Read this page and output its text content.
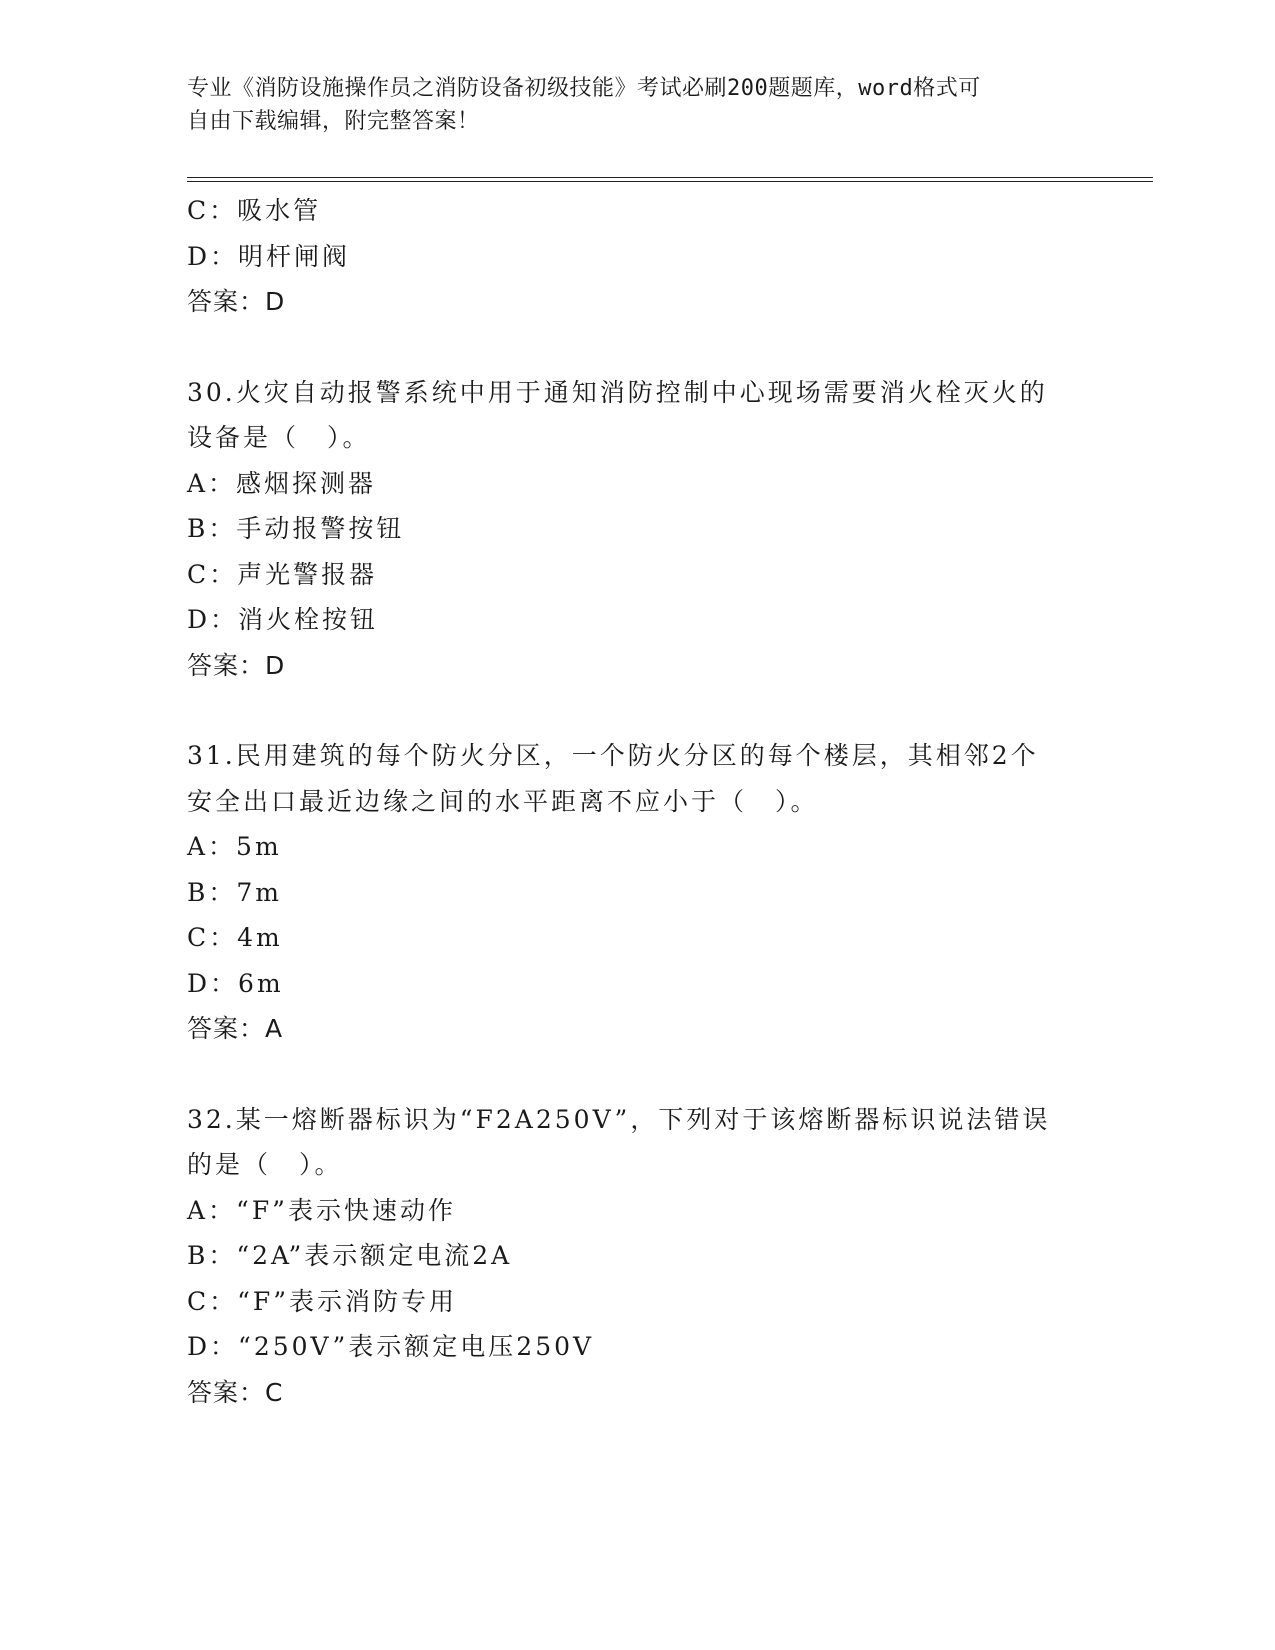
专业《消防设施操作员之消防设备初级技能》考试必刷200题题库，word格式可
自由下载编辑，附完整答案！
C：吸水管
D：明杆闸阀
答案：D
30.火灾自动报警系统中用于通知消防控制中心现场需要消火栓灭火的
设备是（　）。
A：感烟探测器
B：手动报警按钮
C：声光警报器
D：消火栓按钮
答案：D
31.民用建筑的每个防火分区，一个防火分区的每个楼层，其相邻2个
安全出口最近边缘之间的水平距离不应小于（　）。
A：5m
B：7m
C：4m
D：6m
答案：A
32.某一熔断器标识为“F2A250V”，下列对于该熔断器标识说法错误
的是（　）。
A：“F”表示快速动作
B：“2A”表示额定电流2A
C：“F”表示消防专用
D：“250V”表示额定电压250V
答案：C
